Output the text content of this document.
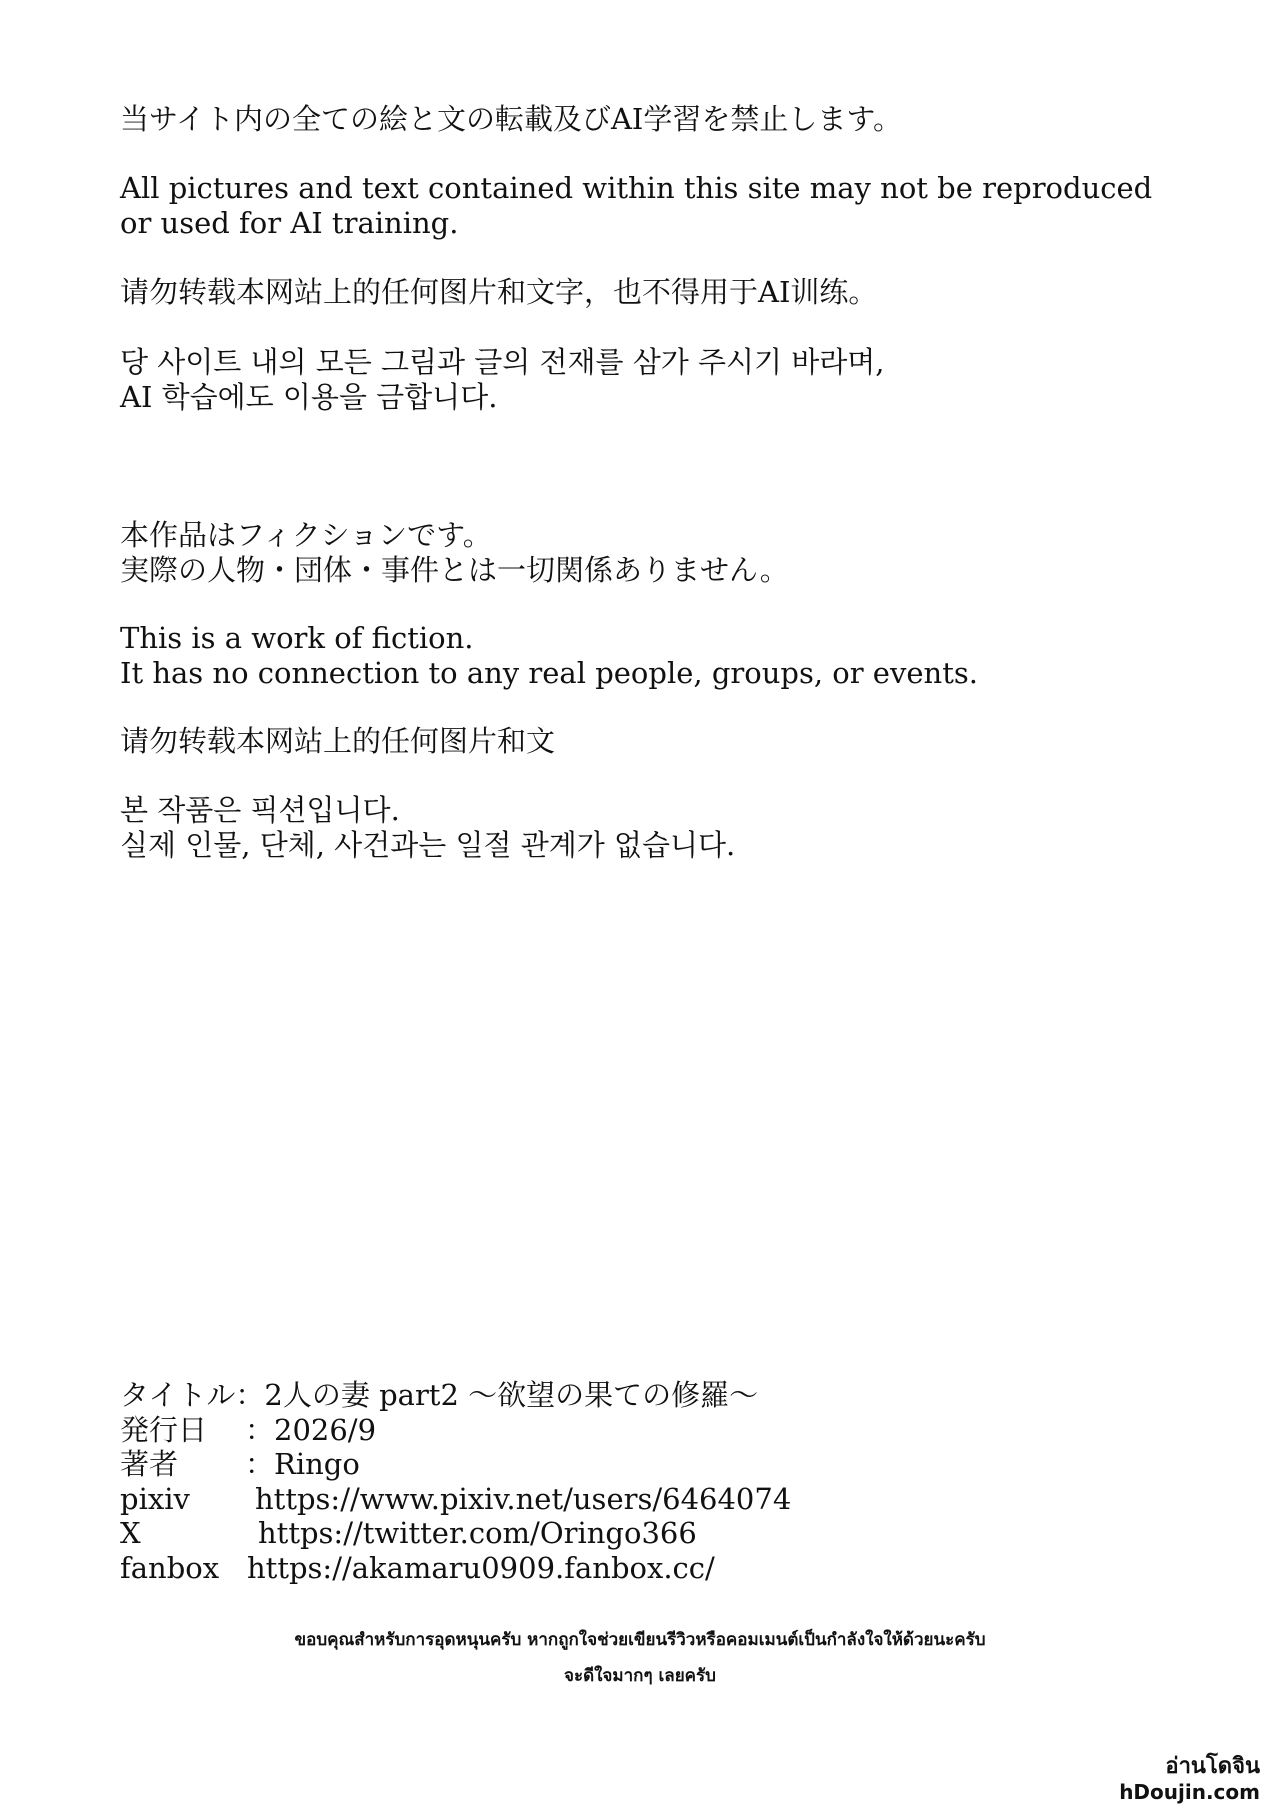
当サイト内の全ての絵と文の転載及びAI学習を禁止します。
All pictures and text contained within this site may not be reproduced
or used for AI training.
请勿转载本网站上的任何图片和文字，也不得用于AI训练。
당 사이트 내의 모든 그림과 글의 전재를 삼가 주시기 바라며,
AI 학습에도 이용을 금합니다.
本作品はフィクションです。
実際の人物・団体・事件とは一切関係ありません。
This is a work of fiction.
It has no connection to any real people, groups, or events.
请勿转载本网站上的任何图片和文
본 작품은 픽션입니다.
실제 인물, 단체, 사건과는 일절 관계가 없습니다.
タイトル： 2人の妻 part2 ～欲望の果ての修羅～
発行日	：2026/9
著者	：Ringo
pixiv	https://www.pixiv.net/users/6464074
X	https://twitter.com/Oringo366
fanbox https://akamaru0909.fanbox.cc/
ขอบคุณสำหรับการอุดหนุนครับ หากถูกใจช่วยเขียนรีวิวหรือคอมเมนต์เป็นกำลังใจให้ด้วยนะครับ
จะดีใจมากๆ เลยครับ
อ่านโดจิน
hDoujin.com
